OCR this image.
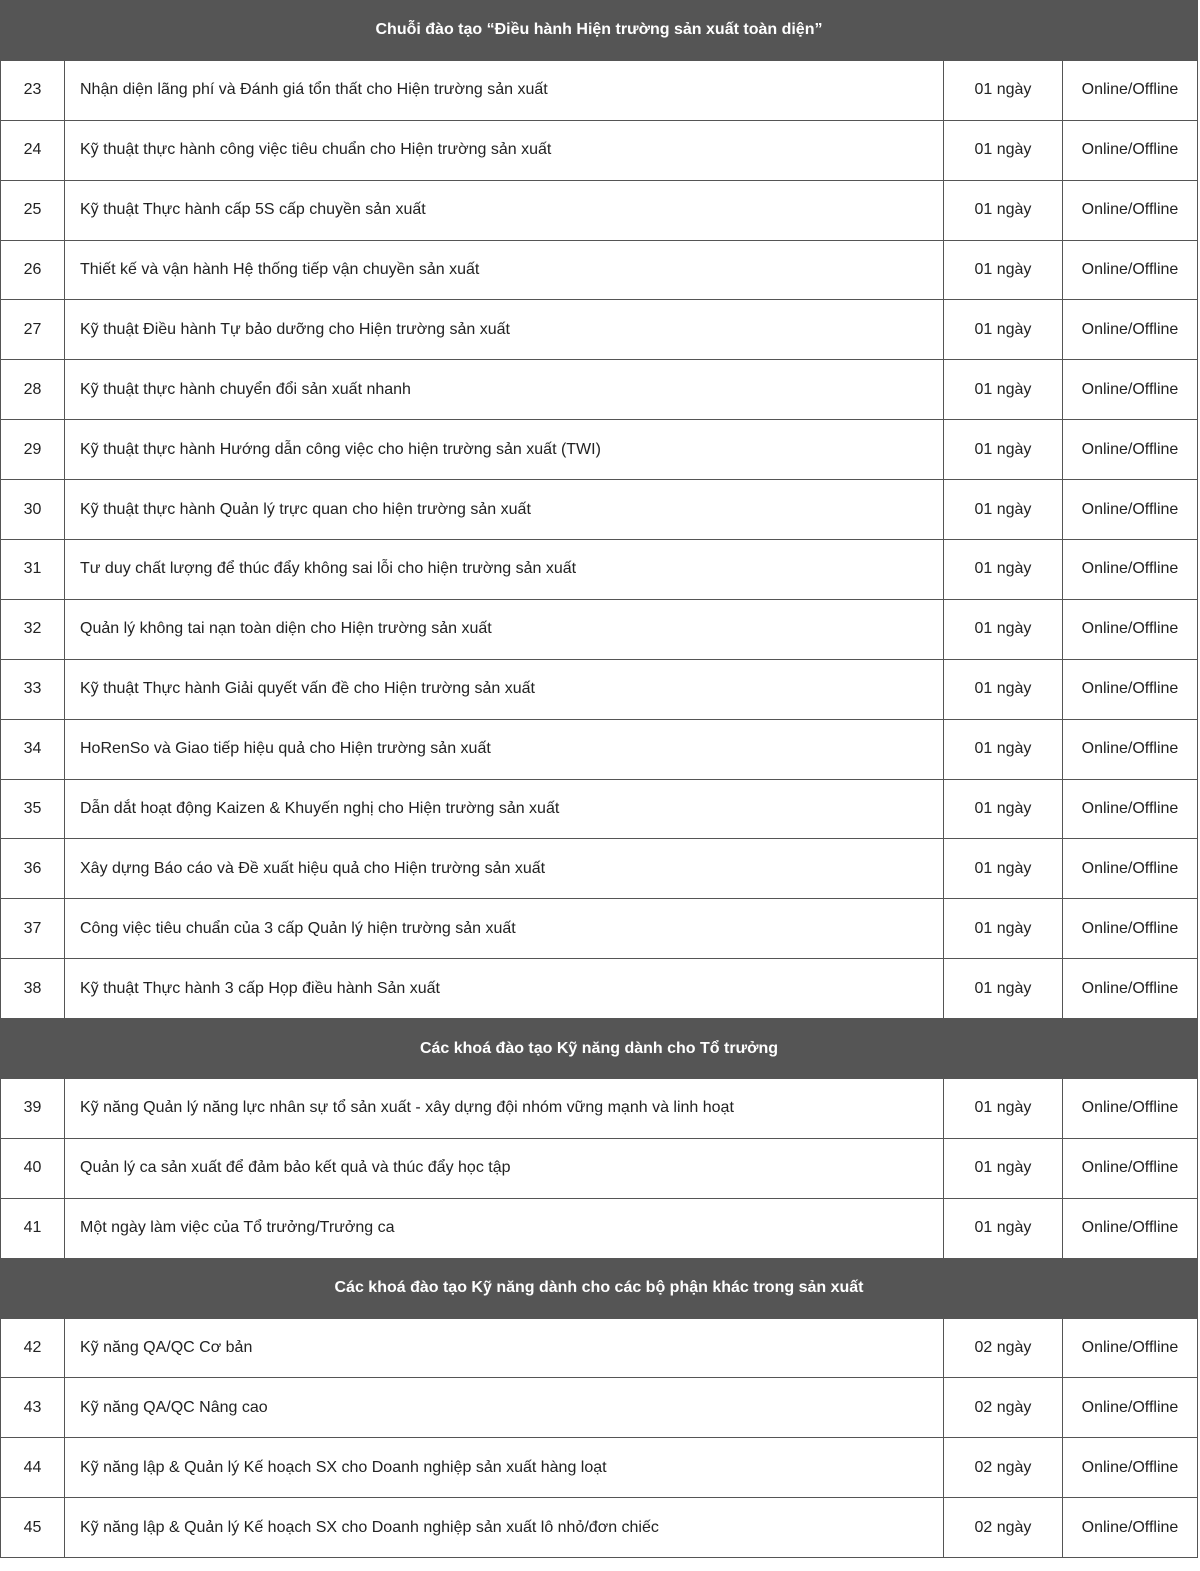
Chuỗi đào tạo “Điều hành Hiện trường sản xuất toàn diện”			
23	Nhận diện lãng phí và Đánh giá tổn thất cho Hiện trường sản xuất	01 ngày	Online/Offline
24	Kỹ thuật thực hành công việc tiêu chuẩn cho Hiện trường sản xuất	01 ngày	Online/Offline
25	Kỹ thuật Thực hành cấp 5S cấp chuyền sản xuất	01 ngày	Online/Offline
26	Thiết kế và vận hành Hệ thống tiếp vận chuyền sản xuất	01 ngày	Online/Offline
27	Kỹ thuật Điều hành Tự bảo dưỡng cho Hiện trường sản xuất	01 ngày	Online/Offline
28	Kỹ thuật thực hành chuyển đổi sản xuất nhanh	01 ngày	Online/Offline
29	Kỹ thuật thực hành Hướng dẫn công việc cho hiện trường sản xuất (TWI)	01 ngày	Online/Offline
30	Kỹ thuật thực hành Quản lý trực quan cho hiện trường sản xuất	01 ngày	Online/Offline
31	Tư duy chất lượng để thúc đẩy không sai lỗi cho hiện trường sản xuất	01 ngày	Online/Offline
32	Quản lý không tai nạn toàn diện cho Hiện trường sản xuất	01 ngày	Online/Offline
33	Kỹ thuật Thực hành Giải quyết vấn đề cho Hiện trường sản xuất	01 ngày	Online/Offline
34	HoRenSo và Giao tiếp hiệu quả cho Hiện trường sản xuất	01 ngày	Online/Offline
35	Dẫn dắt hoạt động Kaizen & Khuyến nghị cho Hiện trường sản xuất	01 ngày	Online/Offline
36	Xây dựng Báo cáo và Đề xuất hiệu quả cho Hiện trường sản xuất	01 ngày	Online/Offline
37	Công việc tiêu chuẩn của 3 cấp Quản lý hiện trường sản xuất	01 ngày	Online/Offline
38	Kỹ thuật Thực hành 3 cấp Họp điều hành Sản xuất	01 ngày	Online/Offline
Các khoá đào tạo Kỹ năng dành cho Tổ trưởng			
39	Kỹ năng Quản lý năng lực nhân sự tổ sản xuất - xây dựng đội nhóm vững mạnh và linh hoạt	01 ngày	Online/Offline
40	Quản lý ca sản xuất để đảm bảo kết quả và thúc đẩy học tập	01 ngày	Online/Offline
41	Một ngày làm việc của Tổ trưởng/Trưởng ca	01 ngày	Online/Offline
Các khoá đào tạo Kỹ năng dành cho các bộ phận khác trong sản xuất			
42	Kỹ năng QA/QC Cơ bản	02 ngày	Online/Offline
43	Kỹ năng QA/QC Nâng cao	02 ngày	Online/Offline
44	Kỹ năng lập & Quản lý Kế hoạch SX cho Doanh nghiệp sản xuất hàng loạt	02 ngày	Online/Offline
45	Kỹ năng lập & Quản lý Kế hoạch SX cho Doanh nghiệp sản xuất lô nhỏ/đơn chiếc	02 ngày	Online/Offline
